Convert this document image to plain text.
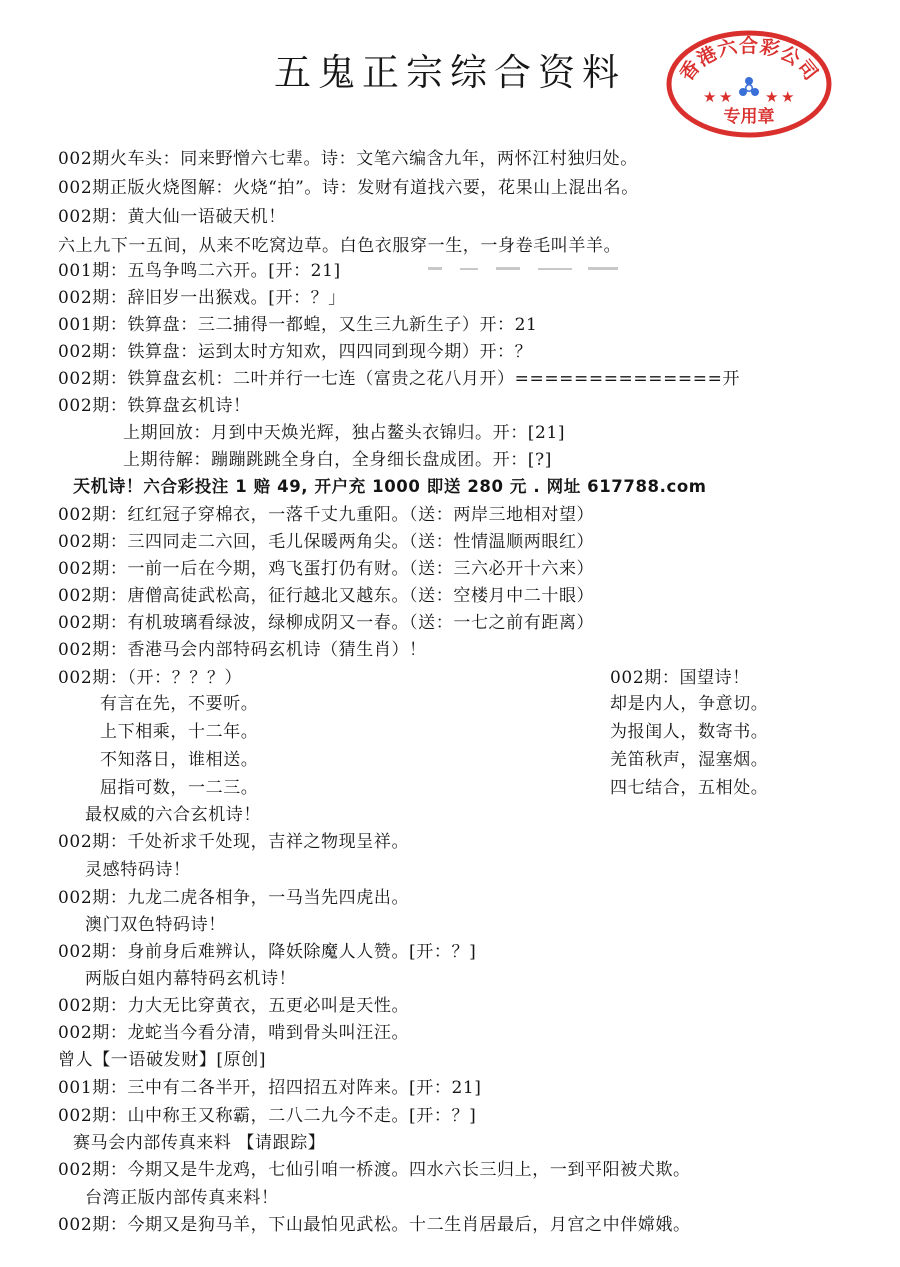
五鬼正宗综合资料	香港六合彩公司
★ ★ ★ ★
专用章
002期火车头：同来野憎六七辈。诗：文笔六编含九年，两怀江村独归处。
002期正版火烧图解：火烧“拍”。诗：发财有道找六要，花果山上混出名。
002期：黄大仙一语破天机！
六上九下一五间，从来不吃窝边草。白色衣服穿一生，一身卷毛叫羊羊。
001期：五鸟争鸣二六开。[开：21]
002期：辞旧岁一出猴戏。[开：？」
001期：铁算盘：三二捕得一都蝗，又生三九新生子）开：21
002期：铁算盘：运到太时方知欢，四四同到现今期）开：？
002期：铁算盘玄机：二叶并行一七连（富贵之花八月开）==============开
002期：铁算盘玄机诗！
上期回放：月到中天焕光辉，独占鳌头衣锦归。开：[21]
上期待解：蹦蹦跳跳全身白，全身细长盘成团。开：[?]
002期：红红冠子穿棉衣，一落千丈九重阳。（送：两岸三地相对望）
002期：三四同走二六回，毛儿保暖两角尖。（送：性情温顺两眼红）
002期：一前一后在今期，鸡飞蛋打仍有财。（送：三六必开十六来）
002期：唐僧高徒武松高，征行越北又越东。（送：空楼月中二十眼）
002期：有机玻璃看绿波，绿柳成阴又一春。（送：一七之前有距离）
002期：香港马会内部特码玄机诗（猜生肖）！
002期：（开：？？？）	002期：国望诗！
有言在先，不要听。	却是内人，争意切。
上下相乘，十二年。	为报闺人，数寄书。
不知落日，谁相送。	羌笛秋声，湿塞烟。
屈指可数，一二三。	四七结合，五相处。
最权威的六合玄机诗！
002期：千处祈求千处现，吉祥之物现呈祥。
灵感特码诗！
002期：九龙二虎各相争，一马当先四虎出。
澳门双色特码诗！
002期：身前身后难辨认，降妖除魔人人赞。[开：？]
两版白姐内幕特码玄机诗！
002期：力大无比穿黄衣，五更必叫是天性。
002期：龙蛇当今看分清，啃到骨头叫汪汪。
曾人【一语破发财】[原创]
001期：三中有二各半开，招四招五对阵来。[开：21]
002期：山中称王又称霸，二八二九今不走。[开：？]
赛马会内部传真来料 【请跟踪】
002期：今期又是牛龙鸡，七仙引咱一桥渡。四水六长三归上，一到平阳被犬欺。
台湾正版内部传真来料！
002期：今期又是狗马羊，下山最怕见武松。十二生肖居最后，月宫之中伴嫦娥。
天机诗！六合彩投注 1 赔 49, 开户充 1000 即送 280 元 . 网址 617788.com
